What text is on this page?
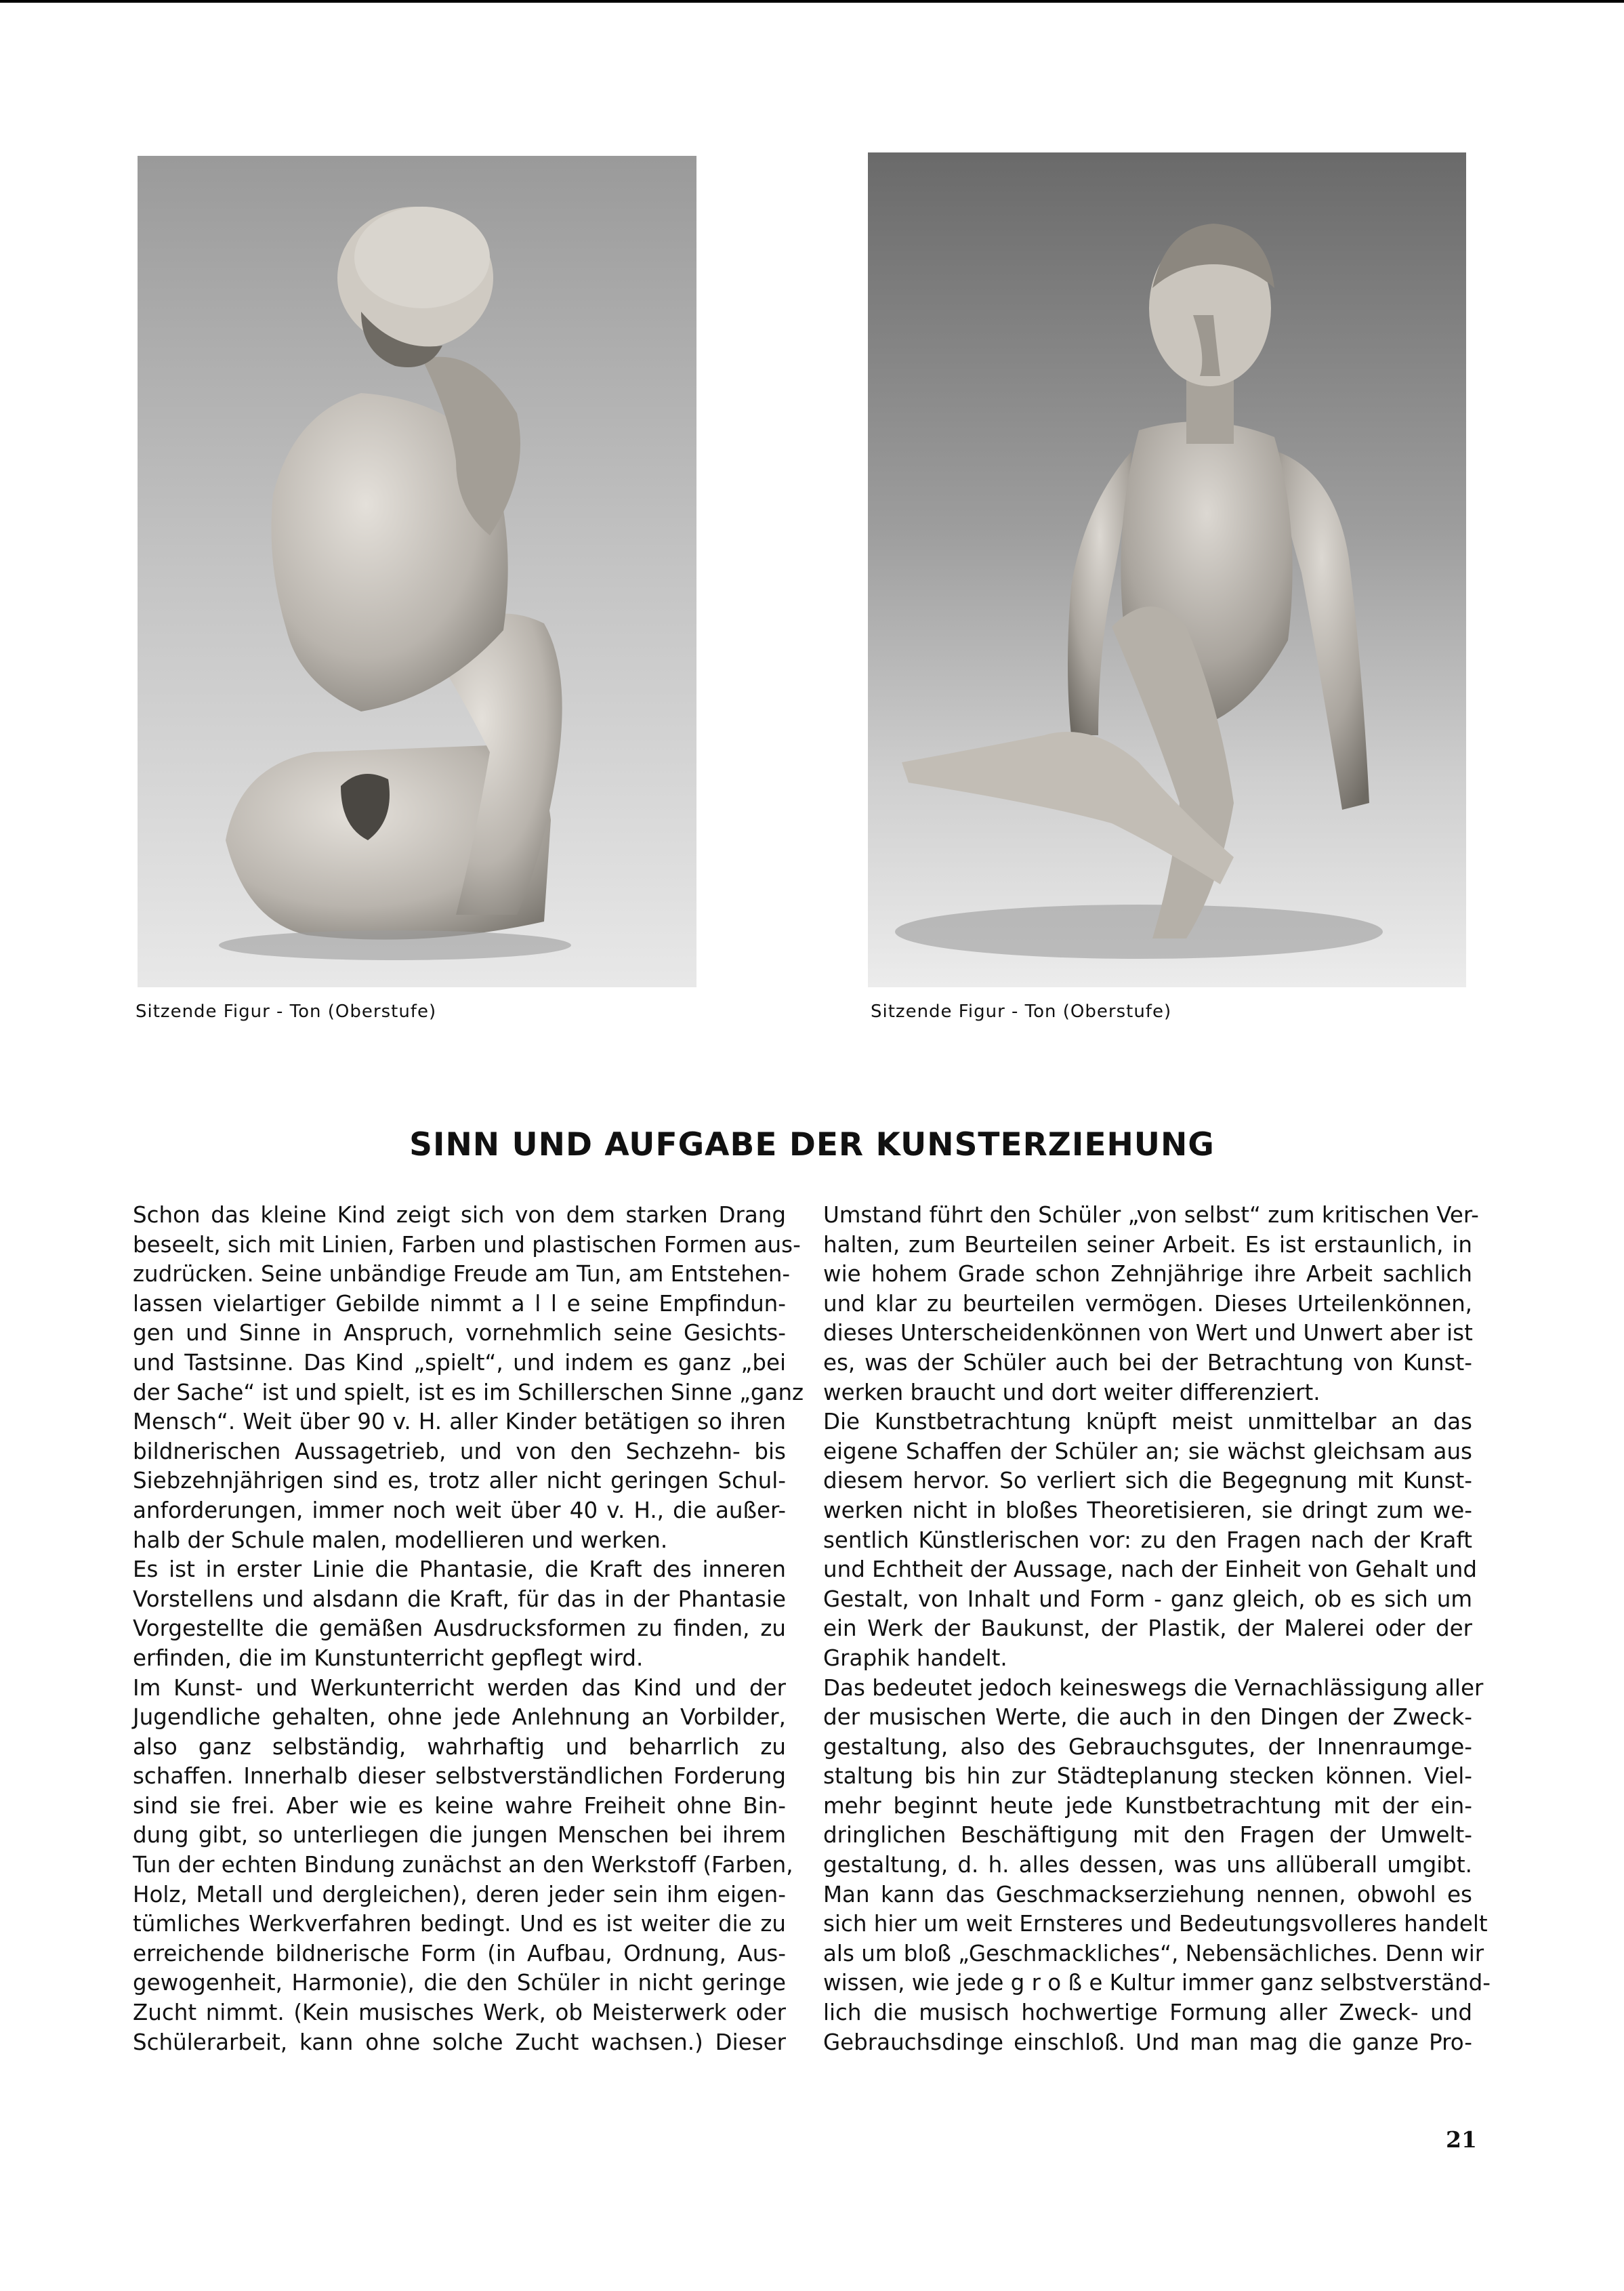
Sitzende Figur - Ton (Oberstufe)	Sitzende Figur - Ton (Oberstufe)
SINN UND AUFGABE DER KUNSTERZIEHUNG
Schon das kleine Kind zeigt sich von dem starken Drang
beseelt, sich mit Linien, Farben und plastischen Formen aus-
zudrücken. Seine unbändige Freude am Tun, am Entstehen-
lassen vielartiger Gebilde nimmt a l l e seine Empfindun-
gen und Sinne in Anspruch, vornehmlich seine Gesichts-
und Tastsinne. Das Kind „spielt“, und indem es ganz „bei
der Sache“ ist und spielt, ist es im Schillerschen Sinne „ganz
Mensch“. Weit über 90 v. H. aller Kinder betätigen so ihren
bildnerischen Aussagetrieb, und von den Sechzehn- bis
Siebzehnjährigen sind es, trotz aller nicht geringen Schul-
anforderungen, immer noch weit über 40 v. H., die außer-
halb der Schule malen, modellieren und werken.
Es ist in erster Linie die Phantasie, die Kraft des inneren
Vorstellens und alsdann die Kraft, für das in der Phantasie
Vorgestellte die gemäßen Ausdrucksformen zu finden, zu
erfinden, die im Kunstunterricht gepflegt wird.
Im Kunst- und Werkunterricht werden das Kind und der
Jugendliche gehalten, ohne jede Anlehnung an Vorbilder,
also ganz selbständig, wahrhaftig und beharrlich zu
schaffen. Innerhalb dieser selbstverständlichen Forderung
sind sie frei. Aber wie es keine wahre Freiheit ohne Bin-
dung gibt, so unterliegen die jungen Menschen bei ihrem
Tun der echten Bindung zunächst an den Werkstoff (Farben,
Holz, Metall und dergleichen), deren jeder sein ihm eigen-
tümliches Werkverfahren bedingt. Und es ist weiter die zu
erreichende bildnerische Form (in Aufbau, Ordnung, Aus-
gewogenheit, Harmonie), die den Schüler in nicht geringe
Zucht nimmt. (Kein musisches Werk, ob Meisterwerk oder
Schülerarbeit, kann ohne solche Zucht wachsen.) Dieser
Umstand führt den Schüler „von selbst“ zum kritischen Ver-
halten, zum Beurteilen seiner Arbeit. Es ist erstaunlich, in
wie hohem Grade schon Zehnjährige ihre Arbeit sachlich
und klar zu beurteilen vermögen. Dieses Urteilenkönnen,
dieses Unterscheidenkönnen von Wert und Unwert aber ist
es, was der Schüler auch bei der Betrachtung von Kunst-
werken braucht und dort weiter differenziert.
Die Kunstbetrachtung knüpft meist unmittelbar an das
eigene Schaffen der Schüler an; sie wächst gleichsam aus
diesem hervor. So verliert sich die Begegnung mit Kunst-
werken nicht in bloßes Theoretisieren, sie dringt zum we-
sentlich Künstlerischen vor: zu den Fragen nach der Kraft
und Echtheit der Aussage, nach der Einheit von Gehalt und
Gestalt, von Inhalt und Form - ganz gleich, ob es sich um
ein Werk der Baukunst, der Plastik, der Malerei oder der
Graphik handelt.
Das bedeutet jedoch keineswegs die Vernachlässigung aller
der musischen Werte, die auch in den Dingen der Zweck-
gestaltung, also des Gebrauchsgutes, der Innenraumge-
staltung bis hin zur Städteplanung stecken können. Viel-
mehr beginnt heute jede Kunstbetrachtung mit der ein-
dringlichen Beschäftigung mit den Fragen der Umwelt-
gestaltung, d. h. alles dessen, was uns allüberall umgibt.
Man kann das Geschmackserziehung nennen, obwohl es
sich hier um weit Ernsteres und Bedeutungsvolleres handelt
als um bloß „Geschmackliches“, Nebensächliches. Denn wir
wissen, wie jede g r o ß e Kultur immer ganz selbstverständ-
lich die musisch hochwertige Formung aller Zweck- und
Gebrauchsdinge einschloß. Und man mag die ganze Pro-
21
